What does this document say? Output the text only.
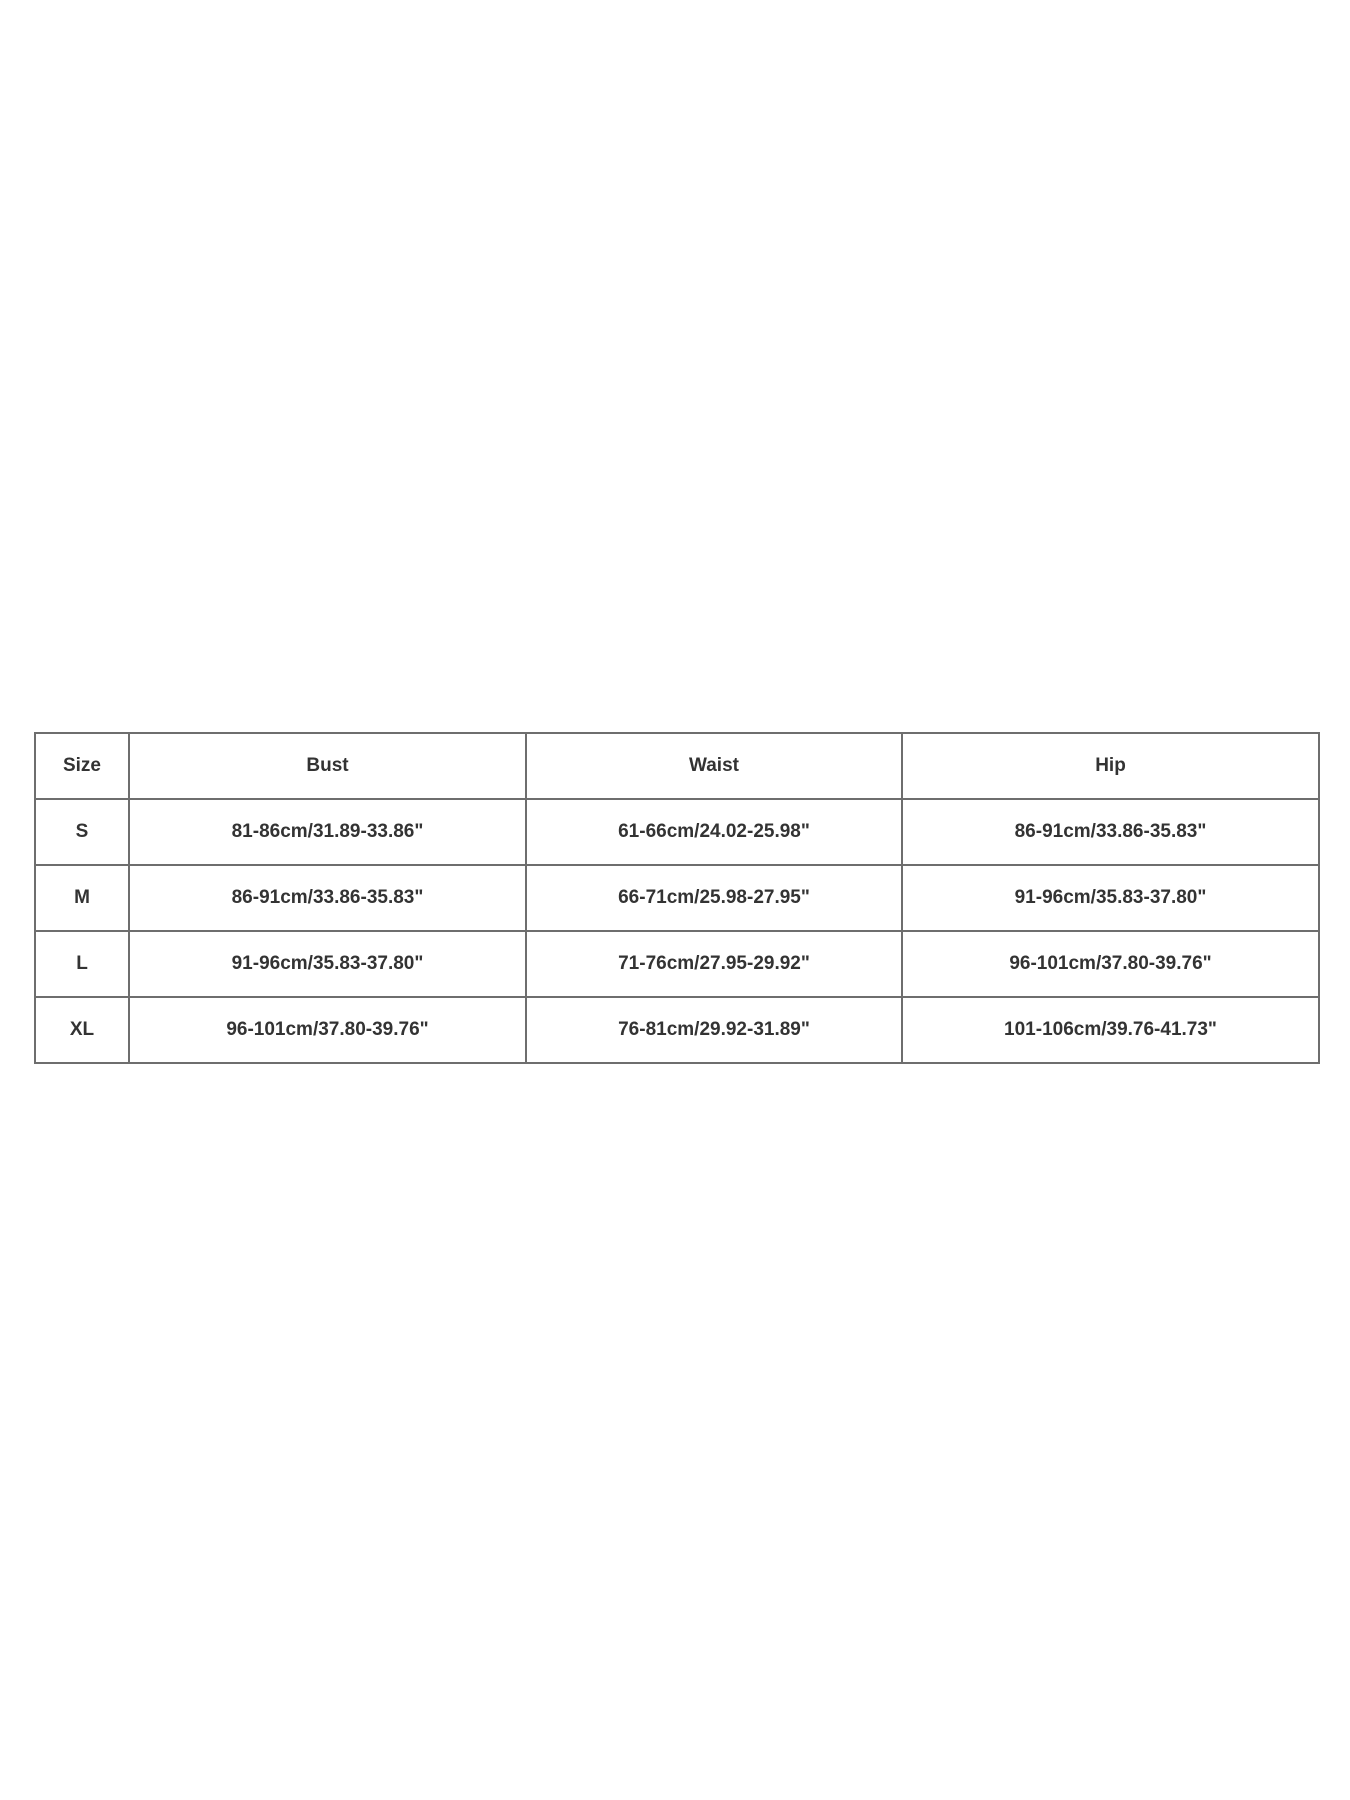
Size	Bust	Waist	Hip
S	81-86cm/31.89-33.86"	61-66cm/24.02-25.98"	86-91cm/33.86-35.83"
M	86-91cm/33.86-35.83"	66-71cm/25.98-27.95"	91-96cm/35.83-37.80"
L	91-96cm/35.83-37.80"	71-76cm/27.95-29.92"	96-101cm/37.80-39.76"
XL	96-101cm/37.80-39.76"	76-81cm/29.92-31.89"	101-106cm/39.76-41.73"
